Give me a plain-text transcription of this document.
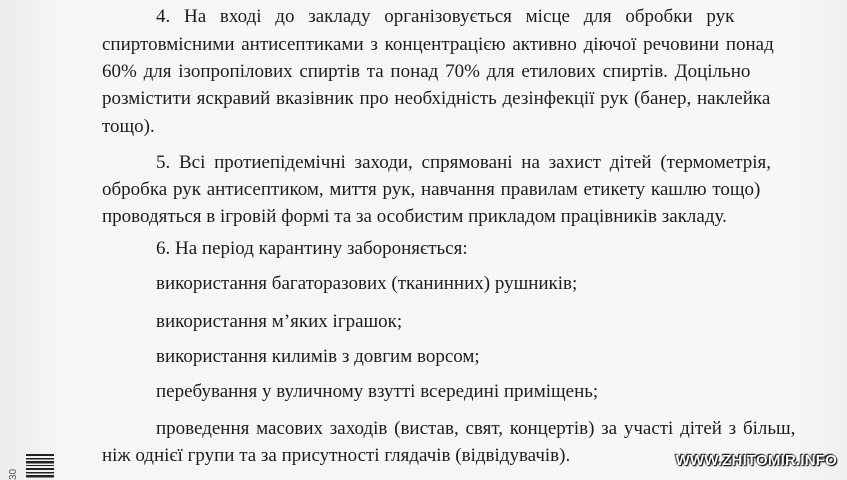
4. На вході до закладу організовується місце для обробки рук
спиртовмісними антисептиками з концентрацією активно діючої речовини понад
60% для ізопропілових спиртів та понад 70% для етилових спиртів. Доцільно
розмістити яскравий вказівник про необхідність дезінфекції рук (банер, наклейка
тощо).
5. Всі протиепідемічні заходи, спрямовані на захист дітей (термометрія,
обробка рук антисептиком, миття рук, навчання правилам етикету кашлю тощо)
проводяться в ігровій формі та за особистим прикладом працівників закладу.
6. На період карантину забороняється:
використання багаторазових (тканинних) рушників;
використання м’яких іграшок;
використання килимів з довгим ворсом;
перебування у вуличному взутті всередині приміщень;
проведення масових заходів (вистав, свят, концертів) за участі дітей з більш,
ніж однієї групи та за присутності глядачів (відвідувачів).
30
WWW.ZHITOMIR.INFO
